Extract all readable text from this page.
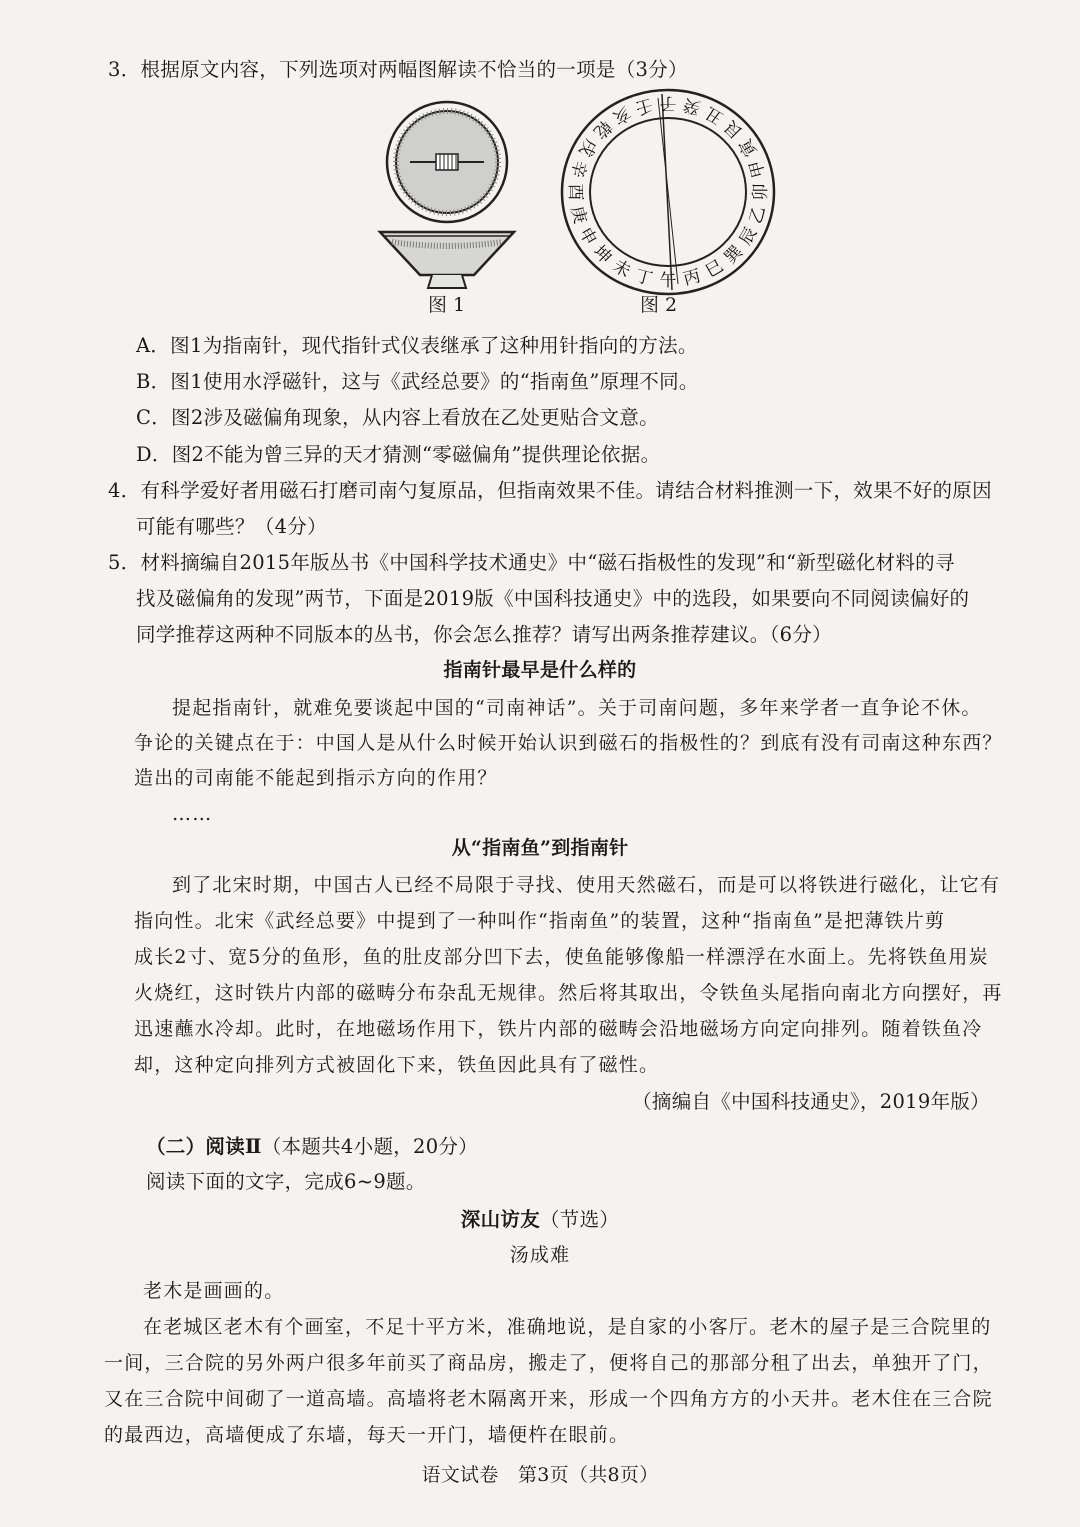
3．根据原文内容，下列选项对两幅图解读不恰当的一项是（3分）
图 1
午 丙 巳
巽
辰
乙
卯
甲
寅
艮
丑
癸
子
壬
亥
乾
戌
辛
酉
庚
申
坤
未 丁
图 2
A．图1为指南针，现代指针式仪表继承了这种用针指向的方法。
B．图1使用水浮磁针，这与《武经总要》的“指南鱼”原理不同。
C．图2涉及磁偏角现象，从内容上看放在乙处更贴合文意。
D．图2不能为曾三异的天才猜测“零磁偏角”提供理论依据。
4．有科学爱好者用磁石打磨司南勺复原品，但指南效果不佳。请结合材料推测一下，效果不好的原因
可能有哪些？（4分）
5．材料摘编自2015年版丛书《中国科学技术通史》中“磁石指极性的发现”和“新型磁化材料的寻
找及磁偏角的发现”两节，下面是2019版《中国科技通史》中的选段，如果要向不同阅读偏好的
同学推荐这两种不同版本的丛书，你会怎么推荐？请写出两条推荐建议。（6分）
指南针最早是什么样的
提起指南针，就难免要谈起中国的“司南神话”。关于司南问题，多年来学者一直争论不休。
争论的关键点在于：中国人是从什么时候开始认识到磁石的指极性的？到底有没有司南这种东西？
造出的司南能不能起到指示方向的作用？
……
从“指南鱼”到指南针
到了北宋时期，中国古人已经不局限于寻找、使用天然磁石，而是可以将铁进行磁化，让它有
指向性。北宋《武经总要》中提到了一种叫作“指南鱼”的装置，这种“指南鱼”是把薄铁片剪
成长2寸、宽5分的鱼形，鱼的肚皮部分凹下去，使鱼能够像船一样漂浮在水面上。先将铁鱼用炭
火烧红，这时铁片内部的磁畴分布杂乱无规律。然后将其取出，令铁鱼头尾指向南北方向摆好，再
迅速蘸水冷却。此时，在地磁场作用下，铁片内部的磁畴会沿地磁场方向定向排列。随着铁鱼冷
却，这种定向排列方式被固化下来，铁鱼因此具有了磁性。
（摘编自《中国科技通史》，2019年版）
（二）阅读Ⅱ（本题共4小题，20分）
阅读下面的文字，完成6~9题。
深山访友（节选）
汤成难
老木是画画的。
在老城区老木有个画室，不足十平方米，准确地说，是自家的小客厅。老木的屋子是三合院里的
一间，三合院的另外两户很多年前买了商品房，搬走了，便将自己的那部分租了出去，单独开了门，
又在三合院中间砌了一道高墙。高墙将老木隔离开来，形成一个四角方方的小天井。老木住在三合院
的最西边，高墙便成了东墙，每天一开门，墙便杵在眼前。
语文试卷　第3页（共8页）
